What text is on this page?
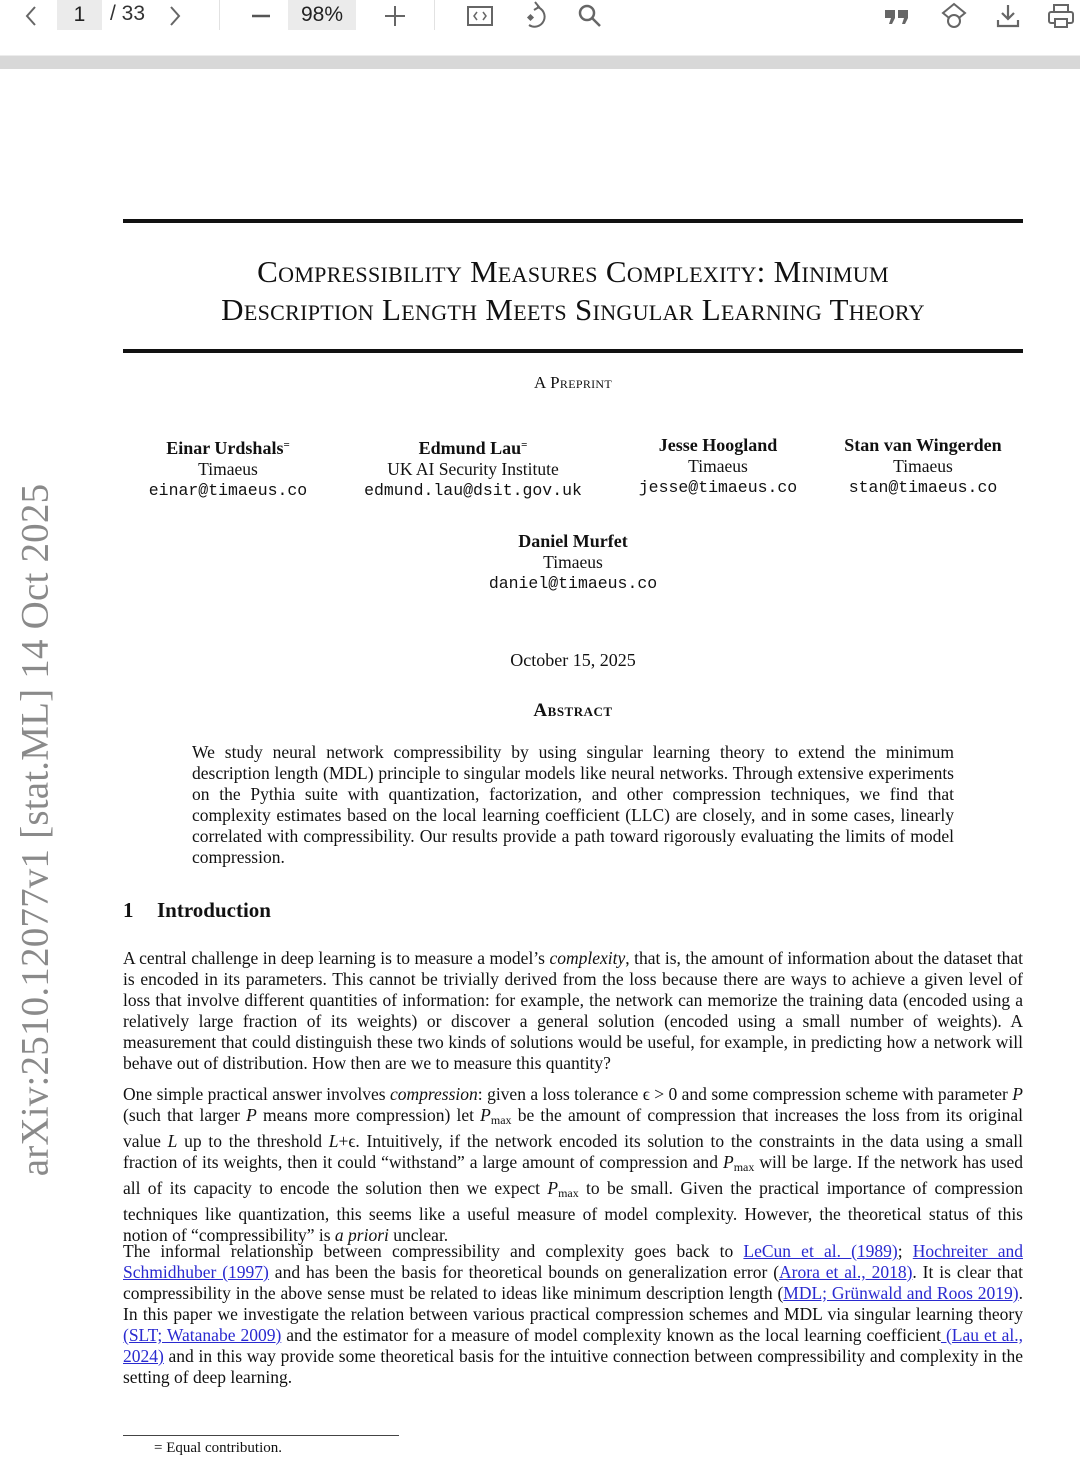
1	/ 33	98%
arXiv:2510.12077v1 [stat.ML] 14 Oct 2025
Compressibility Measures Complexity: Minimum
Description Length Meets Singular Learning Theory
A Preprint
Einar Urdshals=
Timaeus
einar@timaeus.co
Edmund Lau=
UK AI Security Institute
edmund.lau@dsit.gov.uk
Jesse Hoogland
Timaeus
jesse@timaeus.co
Stan van Wingerden
Timaeus
stan@timaeus.co
Daniel Murfet
Timaeus
daniel@timaeus.co
October 15, 2025
Abstract
We study neural network compressibility by using singular learning theory to extend the minimum description length (MDL) principle to singular models like neural networks. Through extensive experiments on the Pythia suite with quantization, factorization, and other compression techniques, we find that complexity estimates based on the local learning coefficient (LLC) are closely, and in some cases, linearly correlated with compressibility. Our results provide a path toward rigorously evaluating the limits of model compression.
1 Introduction
A central challenge in deep learning is to measure a model’s complexity, that is, the amount of information about the dataset that is encoded in its parameters. This cannot be trivially derived from the loss because there are ways to achieve a given level of loss that involve different quantities of information: for example, the network can memorize the training data (encoded using a relatively large fraction of its weights) or discover a general solution (encoded using a small number of weights). A measurement that could distinguish these two kinds of solutions would be useful, for example, in predicting how a network will behave out of distribution. How then are we to measure this quantity?
One simple practical answer involves compression: given a loss tolerance ϵ > 0 and some compression scheme with parameter P (such that larger P means more compression) let $P_{max}$ be the amount of compression that increases the loss from its original value L up to the threshold L+ϵ. Intuitively, if the network encoded its solution to the constraints in the data using a small fraction of its weights, then it could “withstand” a large amount of compression and $P_{max}$ will be large. If the network has used all of its capacity to encode the solution then we expect $P_{max}$ to be small. Given the practical importance of compression techniques like quantization, this seems like a useful measure of model complexity. However, the theoretical status of this notion of “compressibility” is a priori unclear.
The informal relationship between compressibility and complexity goes back to LeCun et al. (1989); Hochreiter and Schmidhuber (1997) and has been the basis for theoretical bounds on generalization error (Arora et al., 2018). It is clear that compressibility in the above sense must be related to ideas like minimum description length (MDL; Grünwald and Roos 2019). In this paper we investigate the relation between various practical compression schemes and MDL via singular learning theory (SLT; Watanabe 2009) and the estimator for a measure of model complexity known as the local learning coefficient (Lau et al., 2024) and in this way provide some theoretical basis for the intuitive connection between compressibility and complexity in the setting of deep learning.
= Equal contribution.
